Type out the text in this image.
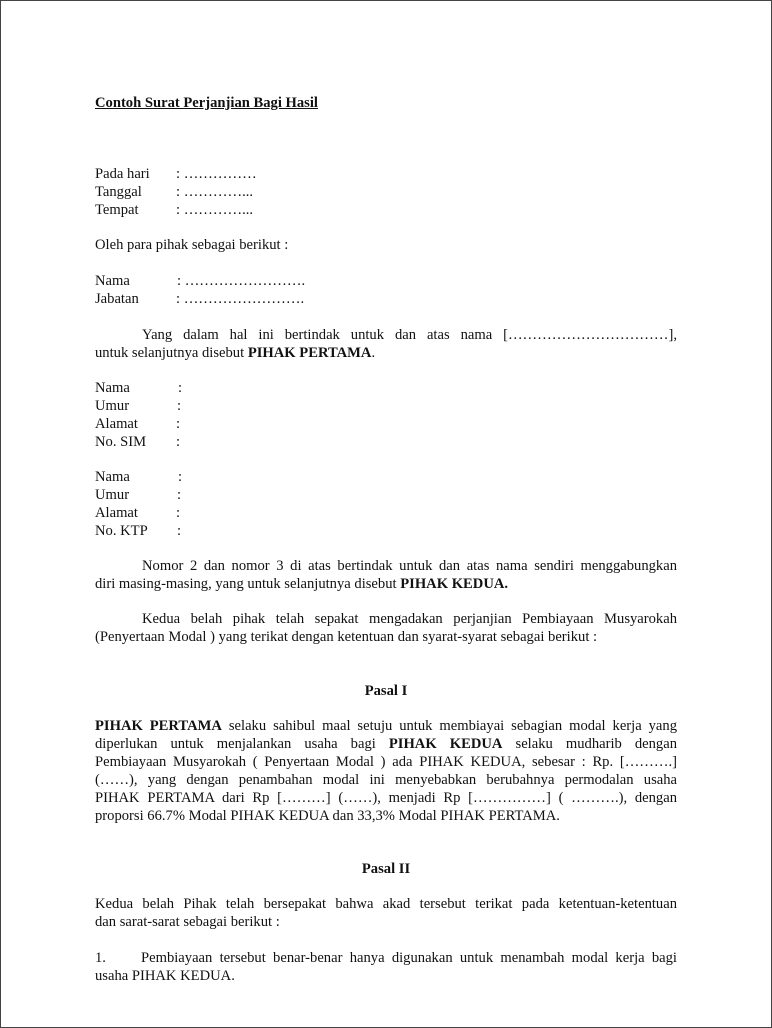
Contoh Surat Perjanjian Bagi Hasil
Pada hari	: ……………
Tanggal	: …………...
Tempat	: …………...
Oleh para pihak sebagai berikut :
Nama	: …………………….
Jabatan	: …………………….
Yang dalam hal ini bertindak untuk dan atas nama [……………………………],
untuk selanjutnya disebut PIHAK PERTAMA.
Nama	:
Umur	:
Alamat	:
No. SIM	:
Nama	:
Umur	:
Alamat	:
No. KTP	:
Nomor 2 dan nomor 3 di atas bertindak untuk dan atas nama sendiri menggabungkan
diri masing-masing, yang untuk selanjutnya disebut PIHAK KEDUA.
Kedua belah pihak telah sepakat mengadakan perjanjian Pembiayaan Musyarokah
(Penyertaan Modal ) yang terikat dengan ketentuan dan syarat-syarat sebagai berikut :
Pasal I
PIHAK PERTAMA selaku sahibul maal setuju untuk membiayai sebagian modal kerja yang
diperlukan untuk menjalankan usaha bagi PIHAK KEDUA selaku mudharib dengan
Pembiayaan Musyarokah ( Penyertaan Modal ) ada PIHAK KEDUA, sebesar : Rp. [……….]
(……), yang dengan penambahan modal ini menyebabkan berubahnya permodalan usaha
PIHAK PERTAMA dari Rp [………] (……), menjadi Rp [……………] ( ……….), dengan
proporsi 66.7% Modal PIHAK KEDUA dan 33,3% Modal PIHAK PERTAMA.
Pasal II
Kedua belah Pihak telah bersepakat bahwa akad tersebut terikat pada ketentuan-ketentuan
dan sarat-sarat sebagai berikut :
1.	Pembiayaan tersebut benar-benar hanya digunakan untuk menambah modal kerja bagi
usaha PIHAK KEDUA.
